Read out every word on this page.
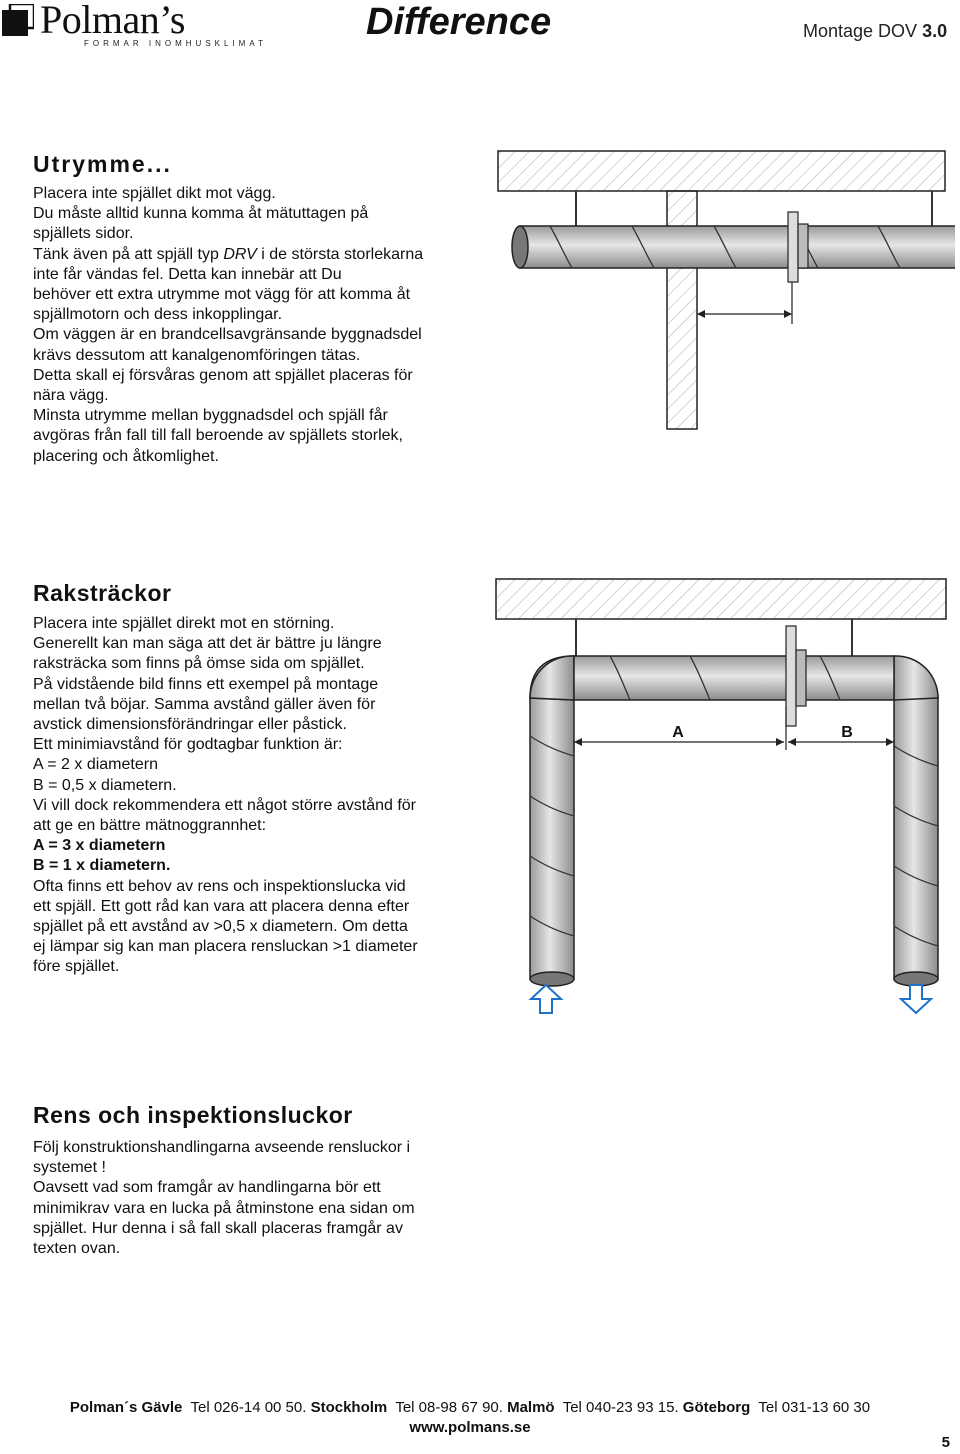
Polman’s
FORMAR INOMHUSKLIMAT
Difference	Montage DOV 3.0
Utrymme...

Placera inte spjället dikt mot vägg.

Du måste alltid kunna komma åt mätuttagen på

spjällets sidor.

Tänk även på att spjäll typ DRV i de största storlekarna

inte får vändas fel. Detta kan innebär att Du

behöver ett extra utrymme mot vägg för att komma åt

spjällmotorn och dess inkopplingar.

Om väggen är en brandcellsavgränsande byggnadsdel

krävs dessutom att kanalgenomföringen tätas.

Detta skall ej försvåras genom att spjället placeras för

nära vägg.

Minsta utrymme mellan byggnadsdel och spjäll får

avgöras från fall till fall beroende av spjällets storlek,

placering och åtkomlighet.

Raksträckor

Placera inte spjället direkt mot en störning.

Generellt kan man säga att det är bättre ju längre

raksträcka som finns på ömse sida om spjället.

På vidstående bild finns ett exempel på montage

mellan två böjar. Samma avstånd gäller även för

avstick dimensionsförändringar eller påstick.

Ett minimiavstånd för godtagbar funktion är:

A = 2 x diametern

B = 0,5 x diametern.

Vi vill dock rekommendera ett något större avstånd för

att ge en bättre mätnoggrannhet:

A = 3 x diametern

B = 1 x diametern.

Ofta finns ett behov av rens och inspektionslucka vid

ett spjäll. Ett gott råd kan vara att placera denna efter

spjället på ett avstånd av >0,5 x diametern. Om detta

ej lämpar sig kan man placera rensluckan >1 diameter

före spjället.

A	B
Rens och inspektionsluckor

Följ konstruktionshandlingarna avseende rensluckor i

systemet !

Oavsett vad som framgår av handlingarna bör ett

minimikrav vara en lucka på åtminstone ena sidan om

spjället. Hur denna i så fall skall placeras framgår av

texten ovan.

Polman´s Gävle Tel 026-14 00 50. Stockholm Tel 08-98 67 90. Malmö Tel 040-23 93 15. Göteborg Tel 031-13 60 30
www.polmans.se
5
